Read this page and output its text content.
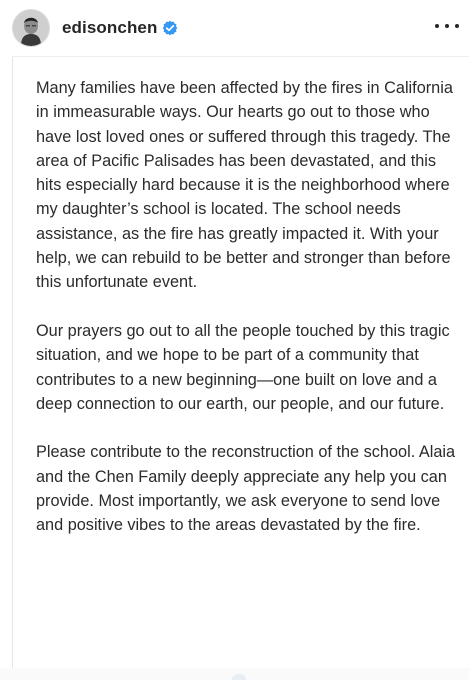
edisonchen

Many families have been affected by the fires in California in immeasurable ways. Our hearts go out to those who have lost loved ones or suffered through this tragedy. The area of Pacific Palisades has been devastated, and this hits especially hard because it is the neighborhood where my daughter’s school is located. The school needs assistance, as the fire has greatly impacted it. With your help, we can rebuild to be better and stronger than before this unfortunate event.

Our prayers go out to all the people touched by this tragic situation, and we hope to be part of a community that contributes to a new beginning—one built on love and a deep connection to our earth, our people, and our future.

Please contribute to the reconstruction of the school. Alaia and the Chen Family deeply appreciate any help you can provide. Most importantly, we ask everyone to send love and positive vibes to the areas devastated by the fire.
